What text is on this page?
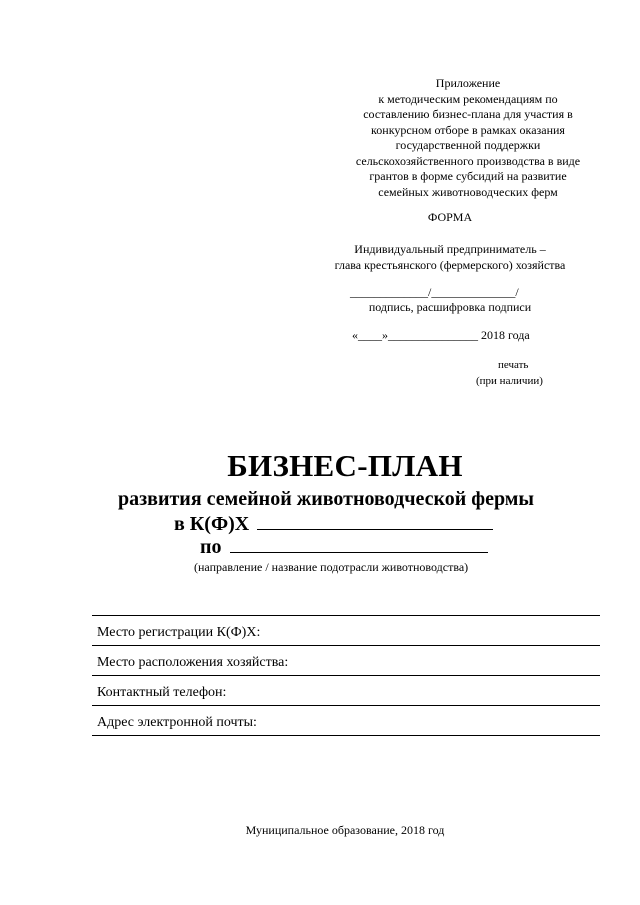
Приложение
к методическим рекомендациям по
составлению бизнес-плана для участия в
конкурсном отборе в рамках оказания
государственной поддержки
сельскохозяйственного производства в виде
грантов в форме субсидий на развитие
семейных животноводческих ферм
ФОРМА
Индивидуальный предприниматель –
глава крестьянского (фермерского) хозяйства
_____________/______________/
подпись, расшифровка подписи
«____»_______________ 2018 года
печать
(при наличии)
БИЗНЕС-ПЛАН
развития семейной животноводческой фермы
в К(Ф)Х
по
(направление / название подотрасли животноводства)
Место регистрации К(Ф)Х:
Место расположения хозяйства:
Контактный телефон:
Адрес электронной почты:
Муниципальное образование, 2018 год
